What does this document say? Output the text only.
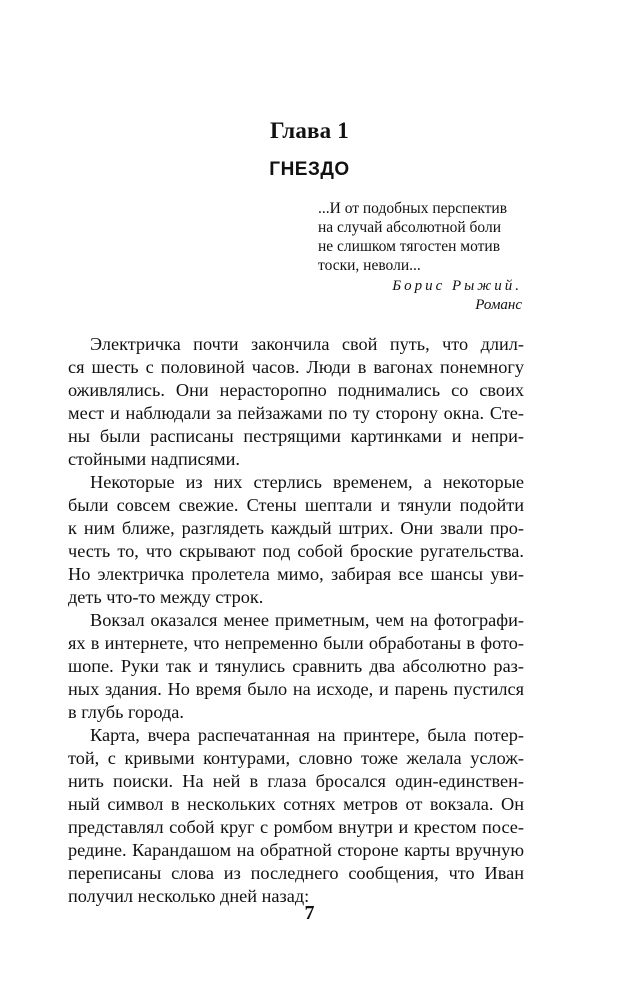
Глава 1
ГНЕЗДО
...И от подобных перспектив
на случай абсолютной боли
не слишком тягостен мотив
тоски, неволи...
Борис Рыжий.
Романс
Электричка почти закончила свой путь, что длил-
ся шесть с половиной часов. Люди в вагонах понемногу
оживлялись. Они нерасторопно поднимались со своих
мест и наблюдали за пейзажами по ту сторону окна. Сте-
ны были расписаны пестрящими картинками и непри-
стойными надписями.
Некоторые из них стерлись временем, а некоторые
были совсем свежие. Стены шептали и тянули подойти
к ним ближе, разглядеть каждый штрих. Они звали про-
честь то, что скрывают под собой броские ругательства.
Но электричка пролетела мимо, забирая все шансы уви-
деть что-то между строк.
Вокзал оказался менее приметным, чем на фотографи-
ях в интернете, что непременно были обработаны в фото-
шопе. Руки так и тянулись сравнить два абсолютно раз-
ных здания. Но время было на исходе, и парень пустился
в глубь города.
Карта, вчера распечатанная на принтере, была потер-
той, с кривыми контурами, словно тоже желала услож-
нить поиски. На ней в глаза бросался один-единствен-
ный символ в нескольких сотнях метров от вокзала. Он
представлял собой круг с ромбом внутри и крестом посе-
редине. Карандашом на обратной стороне карты вручную
переписаны слова из последнего сообщения, что Иван
получил несколько дней назад:
7
